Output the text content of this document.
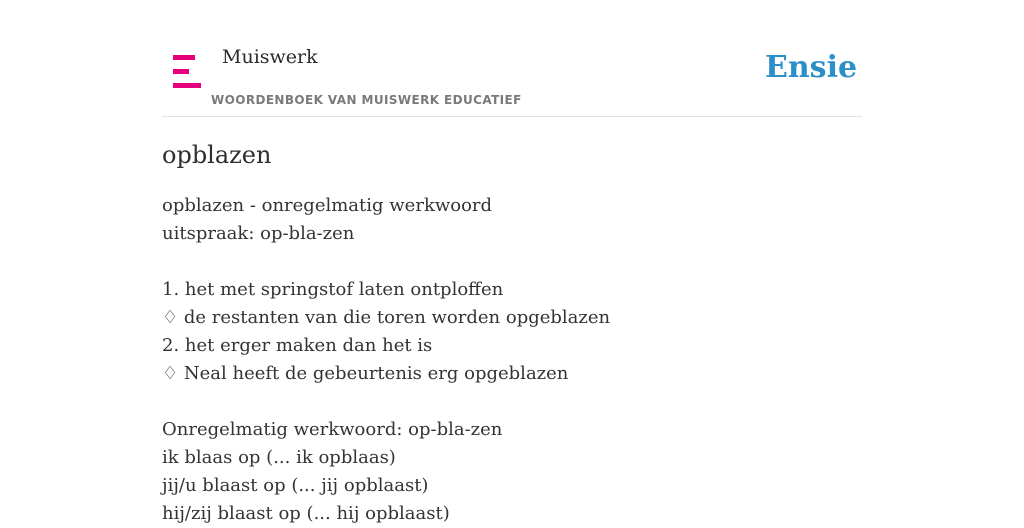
Muiswerk
WOORDENBOEK VAN MUISWERK EDUCATIEF
Ensie
opblazen
opblazen - onregelmatig werkwoord
uitspraak: op-bla-zen
1. het met springstof laten ontploffen
♢ de restanten van die toren worden opgeblazen
2. het erger maken dan het is
♢ Neal heeft de gebeurtenis erg opgeblazen
Onregelmatig werkwoord: op-bla-zen
ik blaas op (... ik opblaas)
jij/u blaast op (... jij opblaast)
hij/zij blaast op (... hij opblaast)
